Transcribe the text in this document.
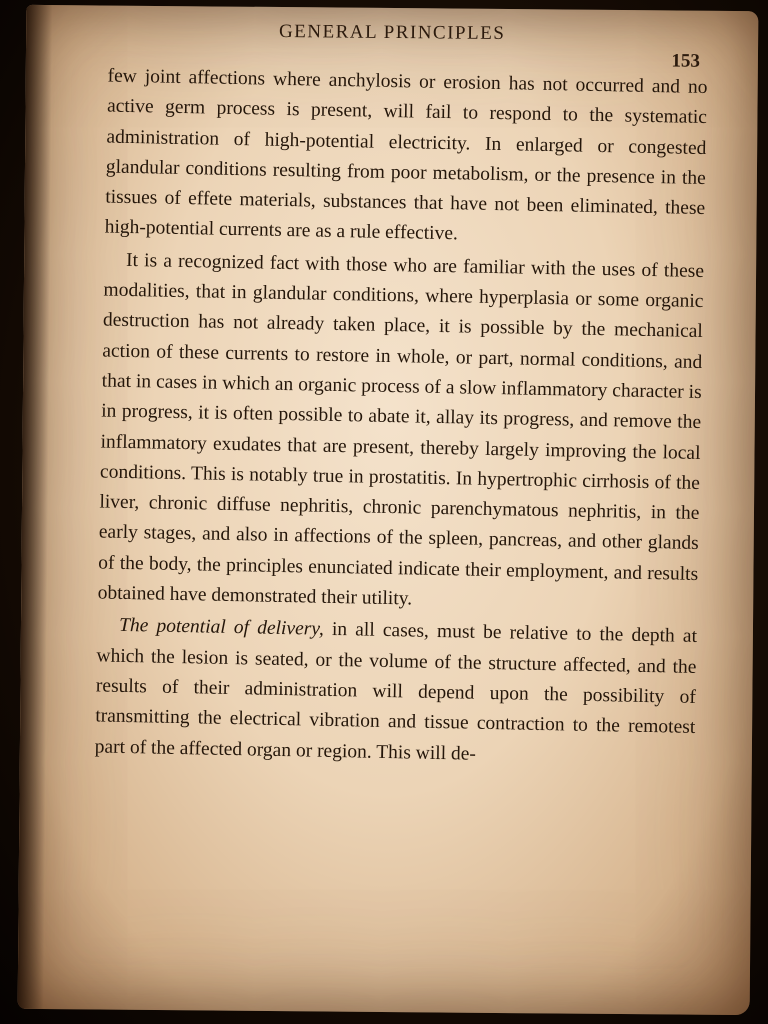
GENERAL PRINCIPLES
153

few joint affections where anchylosis or erosion has not occurred and no active germ process is present, will fail to respond to the systematic administration of high-potential electricity. In enlarged or congested glandular conditions resulting from poor metabolism, or the presence in the tissues of effete materials, substances that have not been eliminated, these high-potential currents are as a rule effective.

It is a recognized fact with those who are familiar with the uses of these modalities, that in glandular conditions, where hyperplasia or some organic destruction has not already taken place, it is possible by the mechanical action of these currents to restore in whole, or part, normal conditions, and that in cases in which an organic process of a slow inflammatory character is in progress, it is often possible to abate it, allay its progress, and remove the inflammatory exudates that are present, thereby largely improving the local conditions. This is notably true in prostatitis. In hypertrophic cirrhosis of the liver, chronic diffuse nephritis, chronic parenchymatous nephritis, in the early stages, and also in affections of the spleen, pancreas, and other glands of the body, the principles enunciated indicate their employment, and results obtained have demonstrated their utility.

The potential of delivery, in all cases, must be relative to the depth at which the lesion is seated, or the volume of the structure affected, and the results of their administration will depend upon the possibility of transmitting the electrical vibration and tissue contraction to the remotest part of the affected organ or region. This will de-
